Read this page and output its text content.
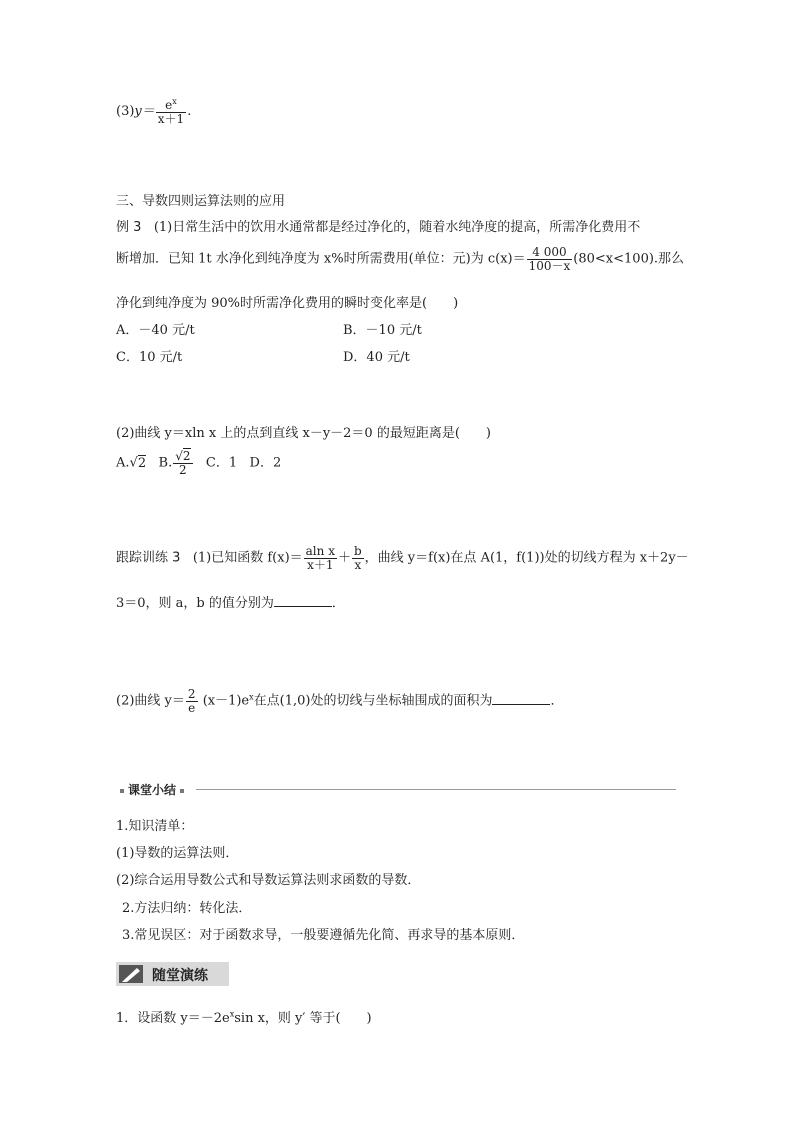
$(3)y= \frac{e^x}{x+1}$ .
三、导数四则运算法则的应用
例 3 (1)日常生活中的饮用水通常都是经过净化的，随着水纯净度的提高，所需净化费用不
断增加．已知 1t 水净化到纯净度为 x%时所需费用(单位：元)为 $c(x)= \frac{4 000}{100-x} (80<x<100)$.那么
净化到纯净度为 90%时所需净化费用的瞬时变化率是(　　)
A．－40 元/t	B．－10 元/t
C．10 元/t	D．40 元/t
(2)曲线 y＝xln x 上的点到直线 x－y－2＝0 的最短距离是(　　)
A.√2 B. $\frac{√2}{2}$ C．1 D．2
跟踪训练 3 (1)已知函数 $f(x)= \frac{\text{aln x}}{x+1} + \frac{b}{x}$ ，曲线 y＝f(x)在点 A(1，f(1))处的切线方程为 x＋2y－
3＝0，则 a，b 的值分别为	．
(2)曲线 $y= \frac{2}{e} (x-1)e^x$在点(1,0)处的切线与坐标轴围成的面积为	．
课堂小结
1.知识清单：
(1)导数的运算法则．
(2)综合运用导数公式和导数运算法则求函数的导数．
2.方法归纳：转化法．
3.常见误区：对于函数求导，一般要遵循先化简、再求导的基本原则．
随堂演练
1．设函数 $y=-2e^x\sin$ x，则 y′ 等于(　　)
